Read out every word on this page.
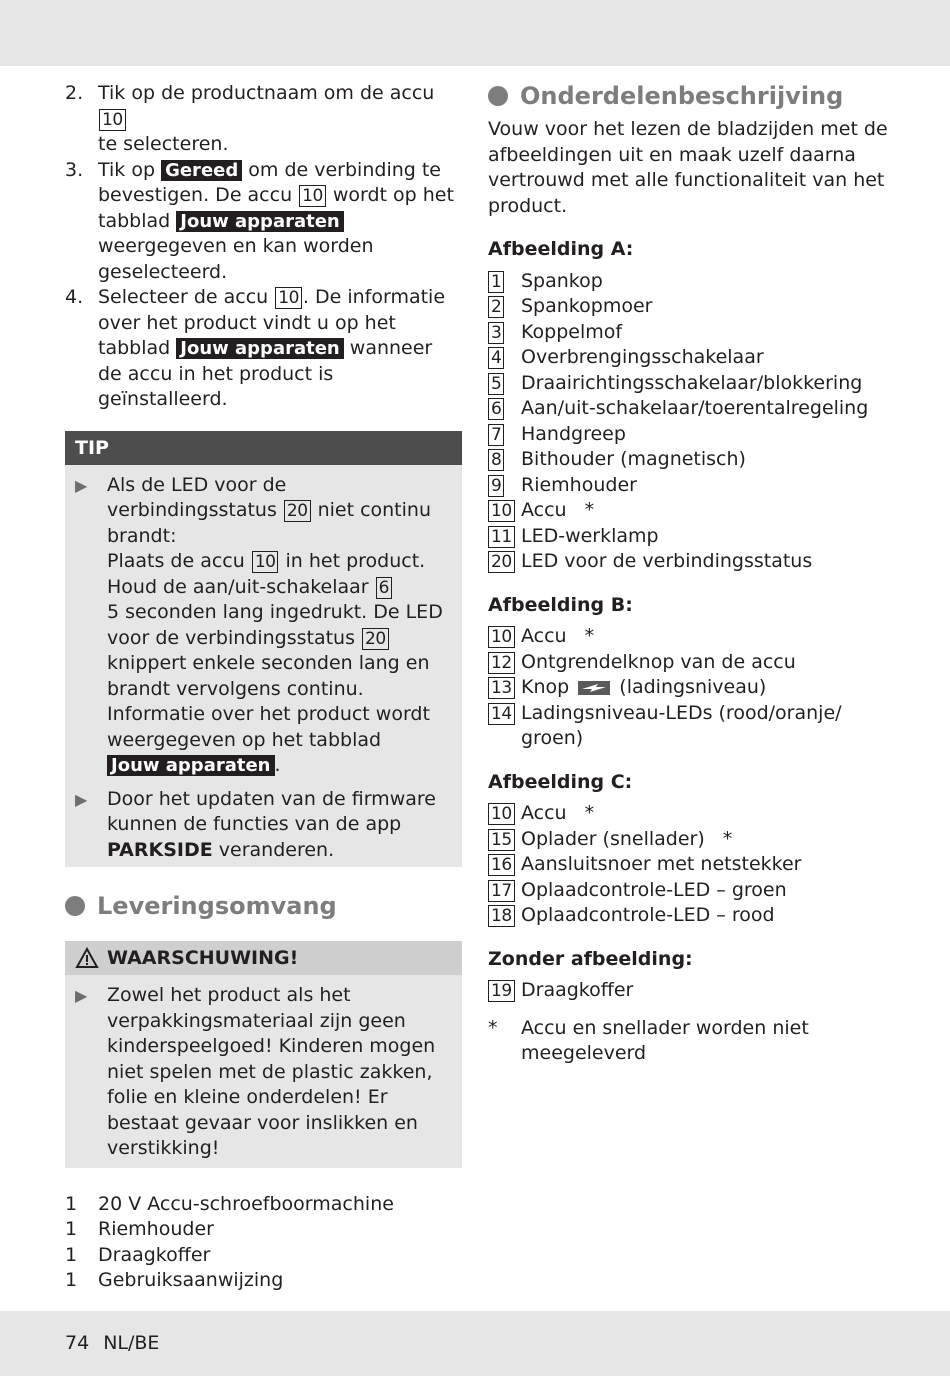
2. Tik op de productnaam om de accu 10
te selecteren.
3. Tik op Gereed om de verbinding te bevestigen. De accu 10 wordt op het tabblad Jouw apparaten weergegeven en kan worden geselecteerd.
4. Selecteer de accu 10 . De informatie over het product vindt u op het tabblad Jouw apparaten wanneer de accu in het product is geïnstalleerd.
TIP
▶	Als de LED voor de verbindingsstatus 20 niet continu brandt:
Plaats de accu 10 in het product.
Houd de aan/uit-schakelaar 6
5 seconden lang ingedrukt. De LED voor de verbindingsstatus 20 knippert enkele seconden lang en brandt vervolgens continu. Informatie over het product wordt weergegeven op het tabblad Jouw apparaten .
▶	Door het updaten van de firmware kunnen de functies van de app PARKSIDE veranderen.
Leveringsomvang
WAARSCHUWING!
▶	Zowel het product als het verpakkingsmateriaal zijn geen kinderspeelgoed! Kinderen mogen niet spelen met de plastic zakken, folie en kleine onderdelen! Er bestaat gevaar voor inslikken en verstikking!
1	20 V Accu-schroefboormachine
1	Riemhouder
1	Draagkoffer
1	Gebruiksaanwijzing
Onderdelenbeschrijving
Vouw voor het lezen de bladzijden met de afbeeldingen uit en maak uzelf daarna vertrouwd met alle functionaliteit van het product.
Afbeelding A:
1	Spankop
2	Spankopmoer
3	Koppelmof
4	Overbrengingsschakelaar
5	Draairichtingsschakelaar/blokkering
6	Aan/uit-schakelaar/toerentalregeling
7	Handgreep
8	Bithouder (magnetisch)
9	Riemhouder
10 Accu *
11 LED-werklamp
20 LED voor de verbindingsstatus
Afbeelding B:
10 Accu *
12 Ontgrendelknop van de accu
13 Knop	(ladingsniveau)
14 Ladingsniveau-LEDs (rood/oranje/ groen)
Afbeelding C:
10 Accu *
15 Oplader (snellader) *
16 Aansluitsnoer met netstekker
17 Oplaadcontrole-LED – groen
18 Oplaadcontrole-LED – rood
Zonder afbeelding:
19 Draagkoffer
*	Accu en snellader worden niet meegeleverd
74 NL/BE
